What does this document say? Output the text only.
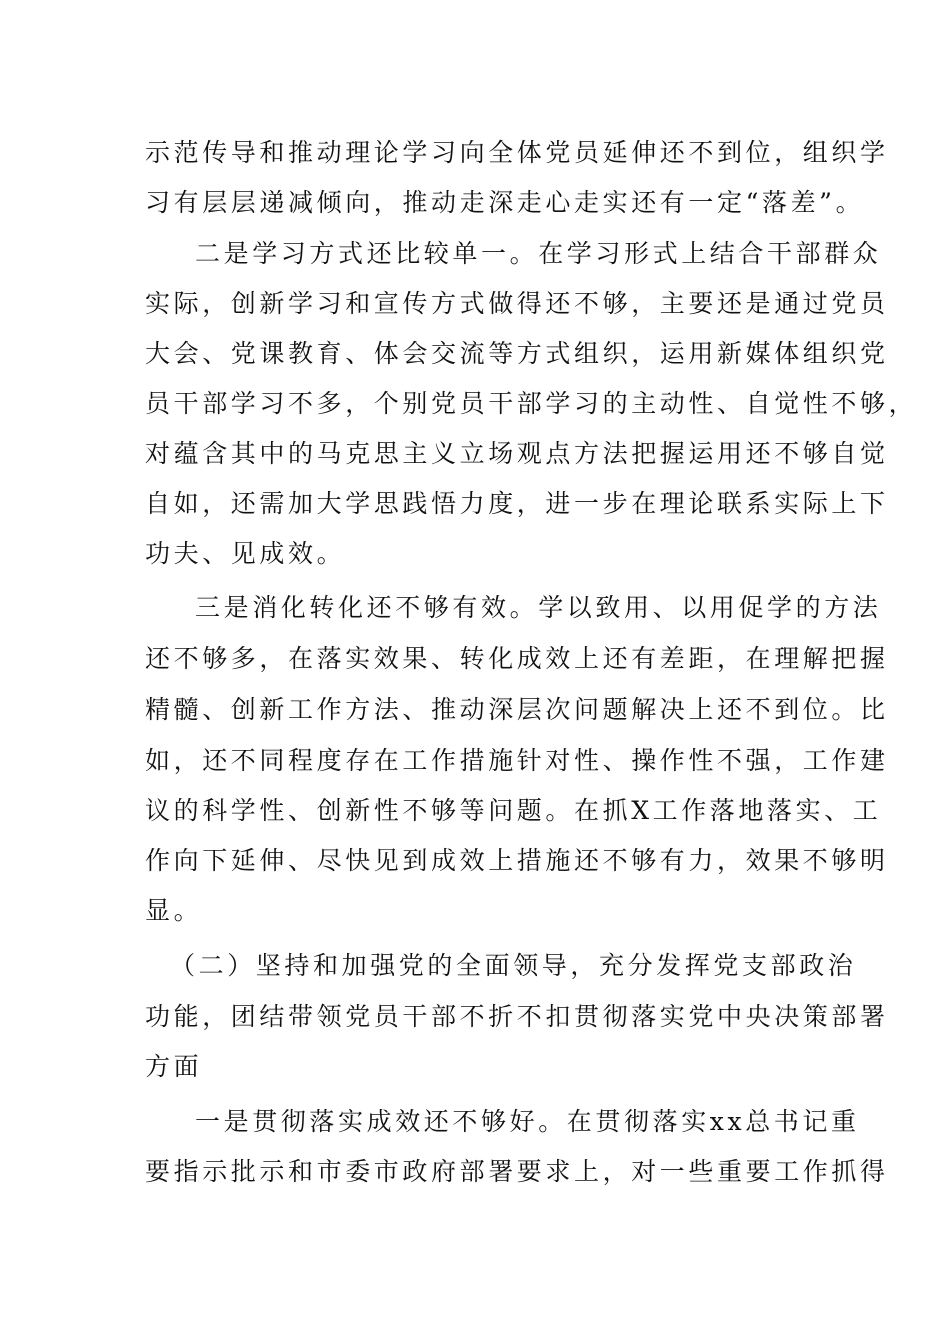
示范传导和推动理论学习向全体党员延伸还不到位，组织学
习有层层递减倾向，推动走深走心走实还有一定“落差”。
二是学习方式还比较单一。在学习形式上结合干部群众
实际，创新学习和宣传方式做得还不够，主要还是通过党员
大会、党课教育、体会交流等方式组织，运用新媒体组织党
员干部学习不多，个别党员干部学习的主动性、自觉性不够，
对蕴含其中的马克思主义立场观点方法把握运用还不够自觉
自如，还需加大学思践悟力度，进一步在理论联系实际上下
功夫、见成效。
三是消化转化还不够有效。学以致用、以用促学的方法
还不够多，在落实效果、转化成效上还有差距，在理解把握
精髓、创新工作方法、推动深层次问题解决上还不到位。比
如，还不同程度存在工作措施针对性、操作性不强，工作建
议的科学性、创新性不够等问题。在抓X工作落地落实、工
作向下延伸、尽快见到成效上措施还不够有力，效果不够明
显。
（二）坚持和加强党的全面领导，充分发挥党支部政治
功能，团结带领党员干部不折不扣贯彻落实党中央决策部署
方面
一是贯彻落实成效还不够好。在贯彻落实xx总书记重
要指示批示和市委市政府部署要求上，对一些重要工作抓得
